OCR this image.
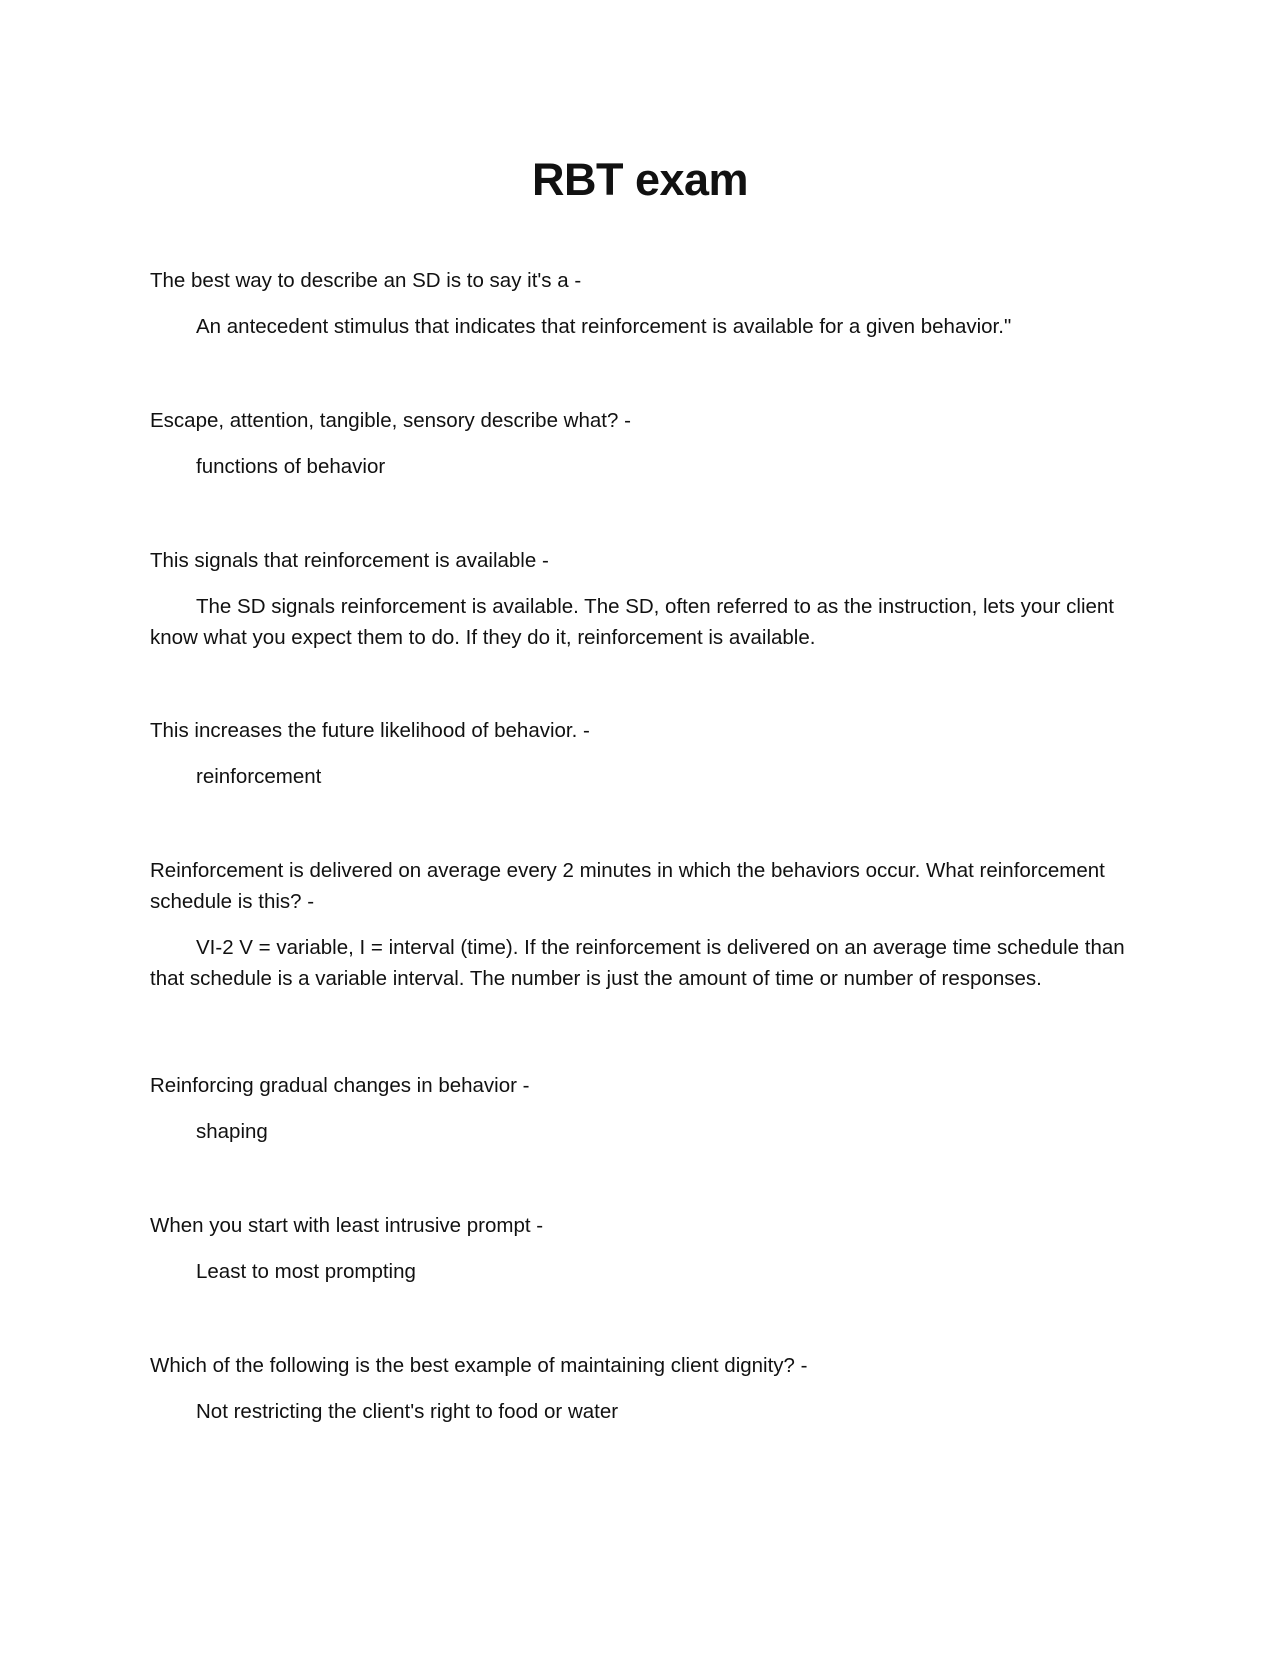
RBT exam

The best way to describe an SD is to say it's a -

An antecedent stimulus that indicates that reinforcement is available for a given behavior."

Escape, attention, tangible, sensory describe what? -

functions of behavior

This signals that reinforcement is available -

The SD signals reinforcement is available. The SD, often referred to as the instruction, lets your client know what you expect them to do. If they do it, reinforcement is available.

This increases the future likelihood of behavior. -

reinforcement

Reinforcement is delivered on average every 2 minutes in which the behaviors occur. What reinforcement schedule is this? -

VI-2 V = variable, I = interval (time). If the reinforcement is delivered on an average time schedule than that schedule is a variable interval. The number is just the amount of time or number of responses.

Reinforcing gradual changes in behavior -

shaping

When you start with least intrusive prompt -

Least to most prompting

Which of the following is the best example of maintaining client dignity? -

Not restricting the client's right to food or water
